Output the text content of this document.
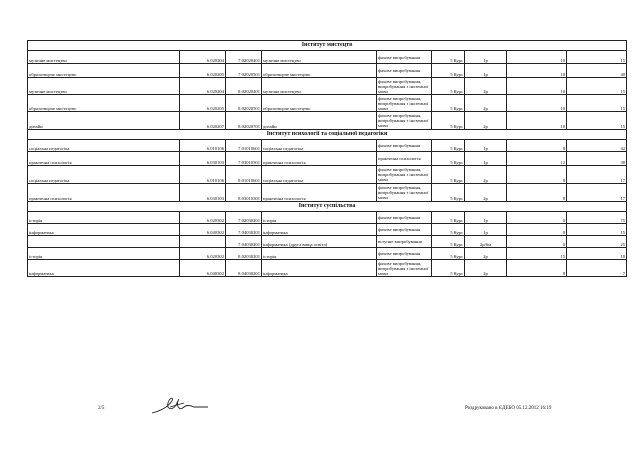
Інститут мистецтв								
музичне мистецтво	6.020204	7.02020401	музичне мистецтво	фахове випробування	5 Курс	1р	10	15
образотворче мистецтво	6.020205	7.02020501	образотворче мистецтво	фахове випробування	5 Курс	1р	10	40
музичне мистецтво	6.020204	8.02020401	музичне мистецтво	фахове випробування, випробування з іноземної мови	5 Курс	2р	10	15
образотворче мистецтво	6.020205	8.02020501	образотворче мистецтво	фахове випробування, випробування з іноземної мови	5 Курс	2р	10	15
дизайн	6.020207	8.02020701	дизайн	фахове випробування, випробування з іноземної мови	5 Курс	2р	10	15
Інститут психології та соціальної педагогіки								
соціальна педагогіка	6.010106	7.01010601	соціальна педагогіка	фахове випробування	5 Курс	1р	8	42
практична психологія	6.030103	7.03010301	практична психологія	практична психологія	5 Курс	1р	12	38
соціальна педагогіка	6.010106	8.01010601	соціальна педагогіка	фахове випробування, випробування з іноземної мови	5 Курс	2р	8	17
практична психологія	6.030103	8.03010301	практична психологія	фахове випробування, випробування з іноземної мови	5 Курс	2р	8	17
Інститут суспільства								
історія	6.020302	7.02030201	історія	фахове випробування	5 Курс	1р	0	75
інформатика	6.040302	7.04030201	інформатика	фахове випробування	5 Курс	1р	0	15
		7.04030201	інформатика (друга вища освіта)	вступне випробування	5 Курс	2р/6м	0	25
історія	6.020302	8.02030201	історія	фахове випробування	5 Курс	2р	15	10
інформатика	6.040302	8.04030201	інформатика	фахове випробування, випробування з іноземної мови	5 Курс	2р	8	7
2/5	Роздруковано в ЄДЕБО 05.12.2012 16:19
